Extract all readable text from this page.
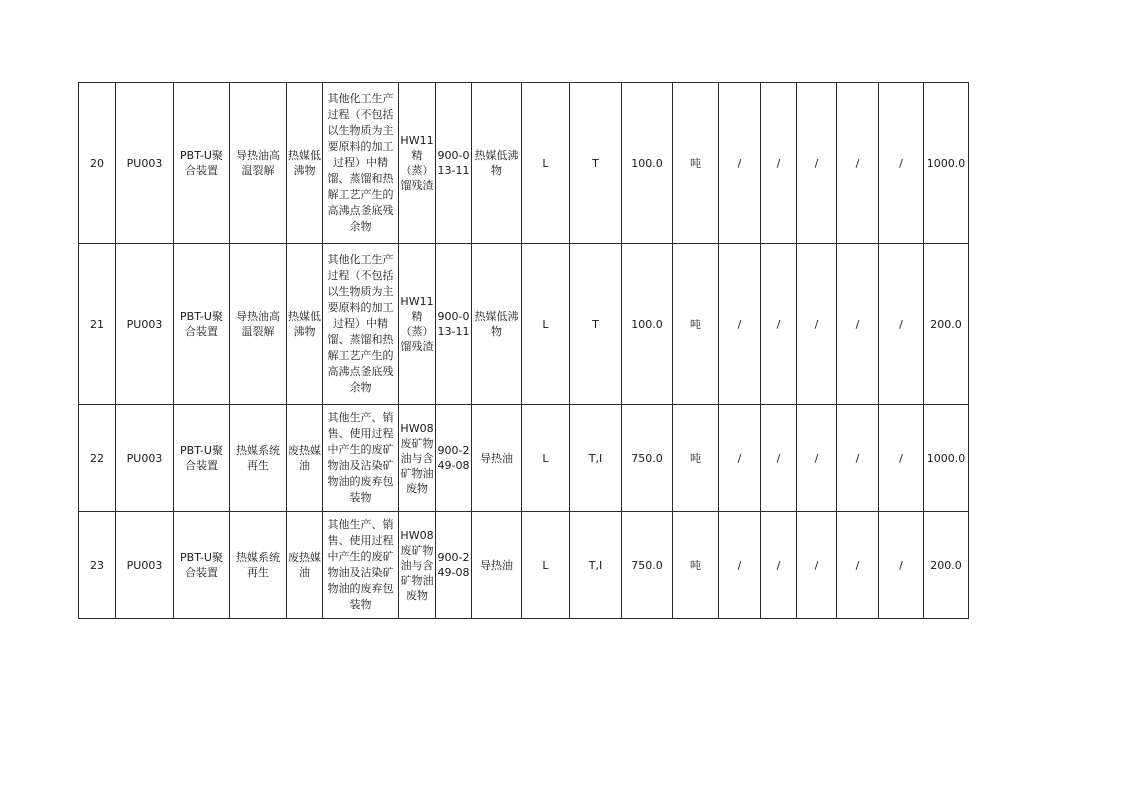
20	PU003	PBT-U聚合装置	导热油高温裂解	热媒低沸物	其他化工生产过程（不包括以生物质为主要原料的加工过程）中精馏、蒸馏和热解工艺产生的高沸点釜底残余物	HW11精（蒸）馏残渣	900-013-11	热媒低沸物	L	T	100.0	吨	/	/	/	/	/	1000.0
21	PU003	PBT-U聚合装置	导热油高温裂解	热媒低沸物	其他化工生产过程（不包括以生物质为主要原料的加工过程）中精馏、蒸馏和热解工艺产生的高沸点釜底残余物	HW11精（蒸）馏残渣	900-013-11	热媒低沸物	L	T	100.0	吨	/	/	/	/	/	200.0
22	PU003	PBT-U聚合装置	热媒系统再生	废热媒油	其他生产、销售、使用过程中产生的废矿物油及沾染矿物油的废弃包装物	HW08废矿物油与含矿物油废物	900-249-08	导热油	L	T,I	750.0	吨	/	/	/	/	/	1000.0
23	PU003	PBT-U聚合装置	热媒系统再生	废热媒油	其他生产、销售、使用过程中产生的废矿物油及沾染矿物油的废弃包装物	HW08废矿物油与含矿物油废物	900-249-08	导热油	L	T,I	750.0	吨	/	/	/	/	/	200.0
